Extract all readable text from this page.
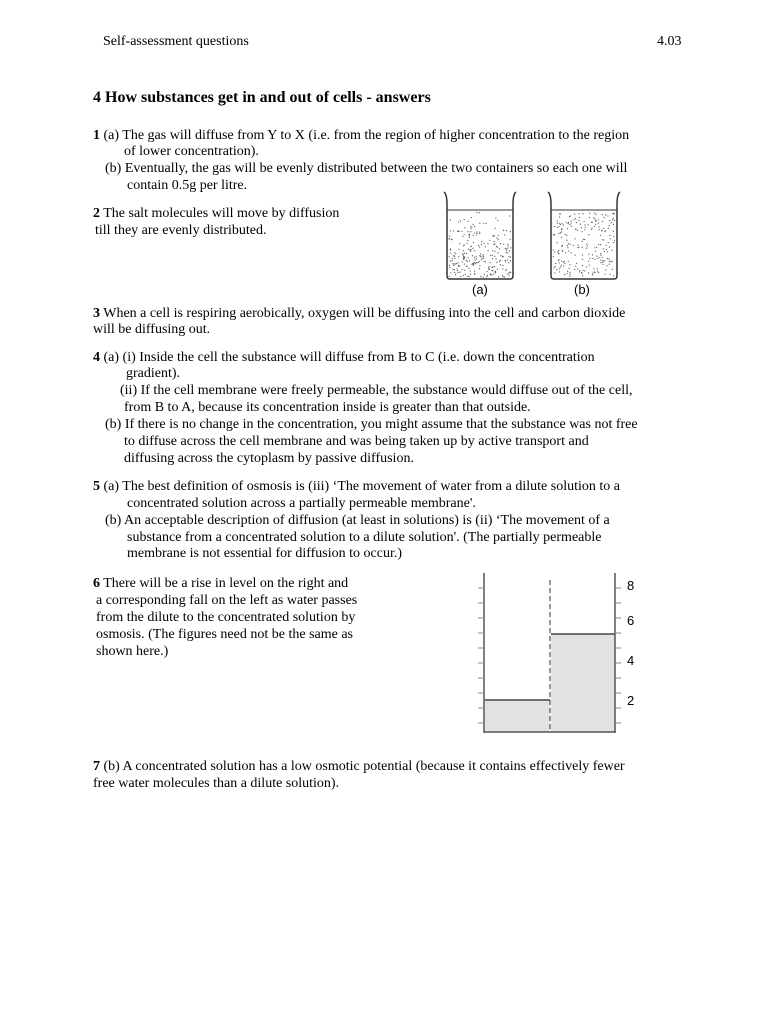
Self-assessment questions	4.03
4 How substances get in and out of cells - answers
1 (a) The gas will diffuse from Y to X (i.e. from the region of higher concentration to the region
of lower concentration).
(b) Eventually, the gas will be evenly distributed between the two containers so each one will
contain 0.5g per litre.
2 The salt molecules will move by diffusion
till they are evenly distributed.
(a)	(b)
8
6
4
2
3 When a cell is respiring aerobically, oxygen will be diffusing into the cell and carbon dioxide
will be diffusing out.
4 (a) (i) Inside the cell the substance will diffuse from B to C (i.e. down the concentration
gradient).
(ii) If the cell membrane were freely permeable, the substance would diffuse out of the cell,
from B to A, because its concentration inside is greater than that outside.
(b) If there is no change in the concentration, you might assume that the substance was not free
to diffuse across the cell membrane and was being taken up by active transport and
diffusing across the cytoplasm by passive diffusion.
5 (a) The best definition of osmosis is (iii) ‘The movement of water from a dilute solution to a
concentrated solution across a partially permeable membrane'.
(b) An acceptable description of diffusion (at least in solutions) is (ii) ‘The movement of a
substance from a concentrated solution to a dilute solution'. (The partially permeable
membrane is not essential for diffusion to occur.)
6 There will be a rise in level on the right and
a corresponding fall on the left as water passes
from the dilute to the concentrated solution by
osmosis. (The figures need not be the same as
shown here.)
7 (b) A concentrated solution has a low osmotic potential (because it contains effectively fewer
free water molecules than a dilute solution).
